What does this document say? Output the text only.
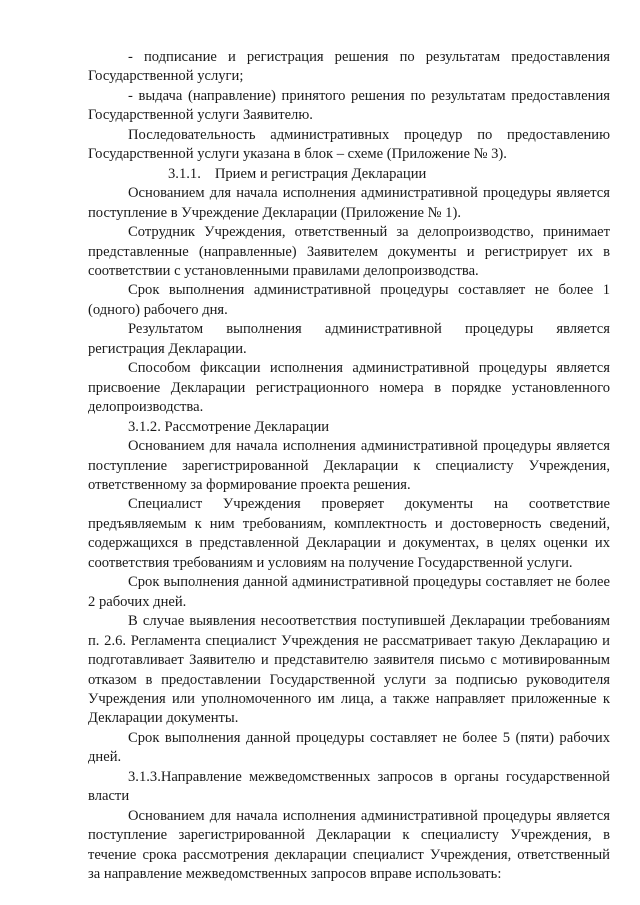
- подписание и регистрация решения по результатам предоставления Государственной услуги;

- выдача (направление) принятого решения по результатам предоставления Государственной услуги Заявителю.

Последовательность административных процедур по предоставлению Государственной услуги указана в блок – схеме (Приложение № 3).

3.1.1. Прием и регистрация Декларации

Основанием для начала исполнения административной процедуры является поступление в Учреждение Декларации (Приложение № 1).

Сотрудник Учреждения, ответственный за делопроизводство, принимает представленные (направленные) Заявителем документы и регистрирует их в соответствии с установленными правилами делопроизводства.

Срок выполнения административной процедуры составляет не более 1 (одного) рабочего дня.

Результатом выполнения административной процедуры является регистрация Декларации.

Способом фиксации исполнения административной процедуры является присвоение Декларации регистрационного номера в порядке установленного делопроизводства.

3.1.2. Рассмотрение Декларации

Основанием для начала исполнения административной процедуры является поступление зарегистрированной Декларации к специалисту Учреждения, ответственному за формирование проекта решения.

Специалист Учреждения проверяет документы на соответствие предъявляемым к ним требованиям, комплектность и достоверность сведений, содержащихся в представленной Декларации и документах, в целях оценки их соответствия требованиям и условиям на получение Государственной услуги.

Срок выполнения данной административной процедуры составляет не более 2 рабочих дней.

В случае выявления несоответствия поступившей Декларации требованиям п. 2.6. Регламента специалист Учреждения не рассматривает такую Декларацию и подготавливает Заявителю и представителю заявителя письмо с мотивированным отказом в предоставлении Государственной услуги за подписью руководителя Учреждения или уполномоченного им лица, а также направляет приложенные к Декларации документы.

Срок выполнения данной процедуры составляет не более 5 (пяти) рабочих дней.

3.1.3.Направление межведомственных запросов в органы государственной власти

Основанием для начала исполнения административной процедуры является поступление зарегистрированной Декларации к специалисту Учреждения, в течение срока рассмотрения декларации специалист Учреждения, ответственный за направление межведомственных запросов вправе использовать:
